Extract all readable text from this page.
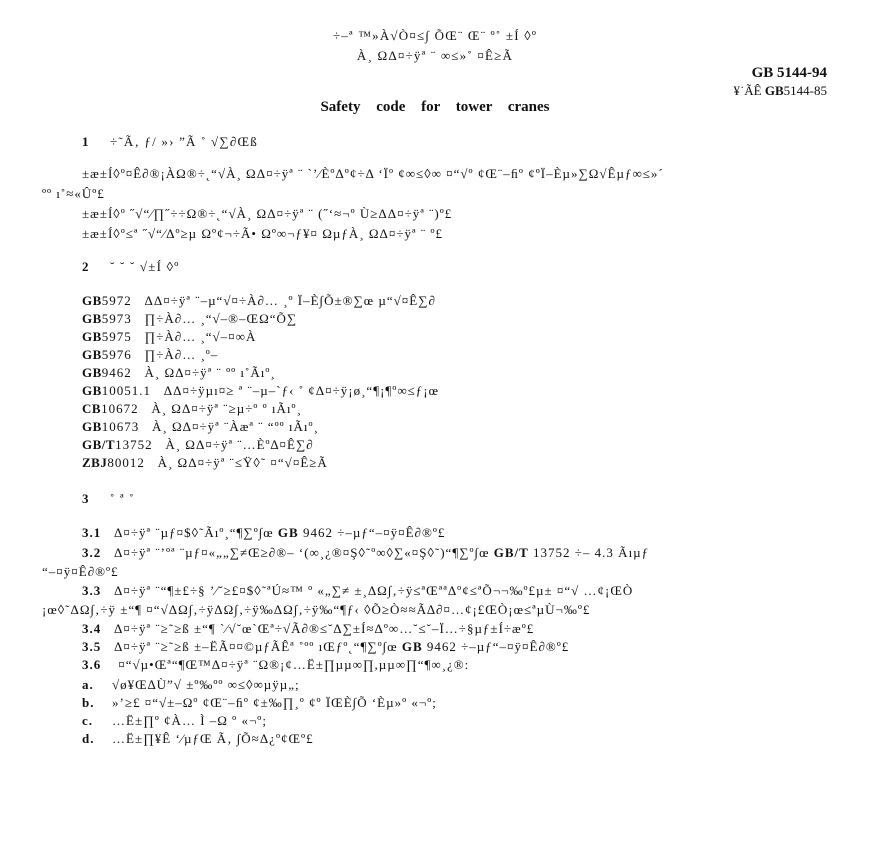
÷–ª ™»À√Ò¤≤∫ ÕŒ¨ Œ¨ º˚ ±Í ◊º
À¸ ΩΔ¤÷ÿª ¨ ∞≤»˚ ¤Ê≥Ã
GB 5144-94
¥˙ÃÊ GB5144-85
Safety code for tower cranes
1 ÷˜Ã‚ ƒ/ »› ”Ã ˚ √∑∂Œß
±æ±Í◊º¤Ê∂®¡ÀΩ®÷˛“√À¸ ΩΔ¤÷ÿª ¨ `’⁄ÈºΔº¢÷Δ ‘Ïº ¢∞≤◊∞ ¤“√º ¢Œ¨–ﬁº ¢ºÏ–Èµ»∑Ω√Êµƒ∞≤»´
ºº ı˚≈«Ûº£
±æ±Í◊º ˝√“⁄∏˝÷÷Ω®÷˛“√À¸ ΩΔ¤÷ÿª ¨ (˝‘≈¬º Ù≥ΔΔ¤÷ÿª ¨)º£
±æ±Í◊º≤ª ˝√“⁄Δº≥µ Ωº¢¬÷Ã• Ωº∞¬ƒ¥¤ ΩµƒÀ¸ ΩΔ¤÷ÿª ¨ º£
2 ˘ ˘ ˘ √±Í ◊º
GB5972 ΔΔ¤÷ÿª ¨–µ“√¤÷À∂… ¸º Ï–È∫Õ±®∑œ µ“√¤Ê∑∂
GB5973 ∏÷À∂… ¸“√–®–ŒΩ“Õ∑
GB5975 ∏÷À∂… ¸“√–¤∞À
GB5976 ∏÷À∂… ¸º–
GB9462 À¸ ΩΔ¤÷ÿª ¨ ºº ı˚Ãıº¸
GB10051.1 ΔΔ¤÷ÿµı¤≥ ª ¨–µ–`ƒ‹ ˚ ¢Δ¤÷ÿ¡ø¸“¶¡¶º∞≤ƒ¡œ
CB10672 À¸ ΩΔ¤÷ÿª ¨≥µ÷º º ıÃıº¸
GB10673 À¸ ΩΔ¤÷ÿª ¨Àæª ¨ “ºº ıÃıº¸
GB/T13752 À¸ ΩΔ¤÷ÿª ¨…Èº∆¤Ê∑∂
ZBJ80012 À¸ ΩΔ¤÷ÿª ¨≤Ÿ◊˜ ¤“√¤Ê≥Ã
3 ˚ ª ˚
3.1 Δ¤÷ÿª ¨µƒ¤$◊˜Ãıº¸“¶∑º∫œ GB 9462 ÷–µƒ“–¤ÿ¤Ê∂®º£
3.2 Δ¤÷ÿª ¨’ºª ¨µƒ¤«„„∑≠Œ≥∂®– ‘(∞¸¿®¤Ş◊˜º∞◊∑«¤Ş◊˜)“¶∑º∫œ GB/T 13752 ÷– 4.3 Ãıµƒ
“–¤ÿ¤Ê∂®º£
3.3 Δ¤÷ÿª ¨“¶±£÷§ ’⁄˘≥£¤$◊˜ªÚ≈™ º «„∑≠ ±¸ΔΩ∫‚÷ÿ≤ªŒªªΔº¢≤ªÕ¬¬‰º£µ± ¤“√ …¢¡ŒÒ
¡œ◊˜ΔΩ∫‚÷ÿ ±“¶ ¤“√ΔΩ∫‚÷ÿΔΩ∫‚÷ÿ‰ΔΩ∫‚÷ÿ‰“¶ƒ‹ ◊Õ≥Ò≈≈Ã∆∂¤…¢¡£ŒÒ¡œ≤ªµÙ¬‰º£
3.4 Δ¤÷ÿª ¨≥˜≥ß ±“¶ `⁄√˘œ`Œª÷√Ã∂®≤˘Δ∑±Í≈Δº∞…˘≤˘–Ï…÷§µƒ±Í÷æº£
3.5 Δ¤÷ÿª ¨≥˜≥ß ±–ËÃ¤¤©µƒÃÊª ˚ºº ıŒƒº˛“¶∑º∫œ GB 9462 ÷–µƒ“–¤ÿ¤Ê∂®º£
3.6 ¤“√µ•Œª“¶Œ™Δ¤÷ÿª ¨Ω®¡¢…Ë±∏µµ∞∏,µµ∞∏“¶∞¸¿®:
a. √ø¥Œ∆Ù”√ ±º‰ºº ∞≤◊∞µÿµ„;
b. »’≥£ ¤“√±–Ωº ¢Œ¨–ﬁº ¢±‰∏¸º ¢º ÏŒÈ∫Õ ‘Èµ»º «¬º;
c. …Ë±∏º ¢À… Ì –Ω º «¬º;
d. …Ë±∏¥Ê ‘⁄µƒŒ Ã‚ ∫Õ≈Δ¿º¢Œº£
